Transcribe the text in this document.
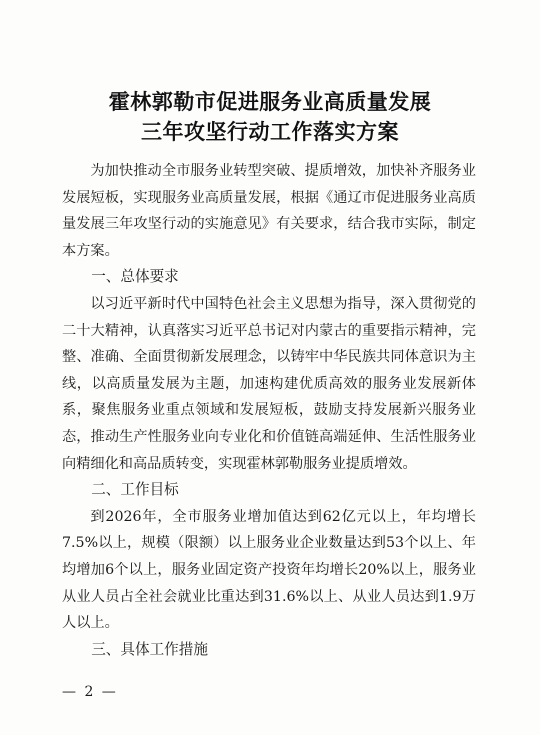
霍林郭勒市促进服务业高质量发展
三年攻坚行动工作落实方案

为加快推动全市服务业转型突破、提质增效，加快补齐服务业发展短板，实现服务业高质量发展，根据《通辽市促进服务业高质量发展三年攻坚行动的实施意见》有关要求，结合我市实际，制定本方案。

一、总体要求

以习近平新时代中国特色社会主义思想为指导，深入贯彻党的二十大精神，认真落实习近平总书记对内蒙古的重要指示精神，完整、准确、全面贯彻新发展理念，以铸牢中华民族共同体意识为主线，以高质量发展为主题，加速构建优质高效的服务业发展新体系，聚焦服务业重点领域和发展短板，鼓励支持发展新兴服务业态，推动生产性服务业向专业化和价值链高端延伸、生活性服务业向精细化和高品质转变，实现霍林郭勒服务业提质增效。

二、工作目标

到2026年，全市服务业增加值达到62亿元以上，年均增长7.5%以上，规模（限额）以上服务业企业数量达到53个以上、年均增加6个以上，服务业固定资产投资年均增长20%以上，服务业从业人员占全社会就业比重达到31.6%以上、从业人员达到1.9万人以上。

三、具体工作措施

— 2 —
